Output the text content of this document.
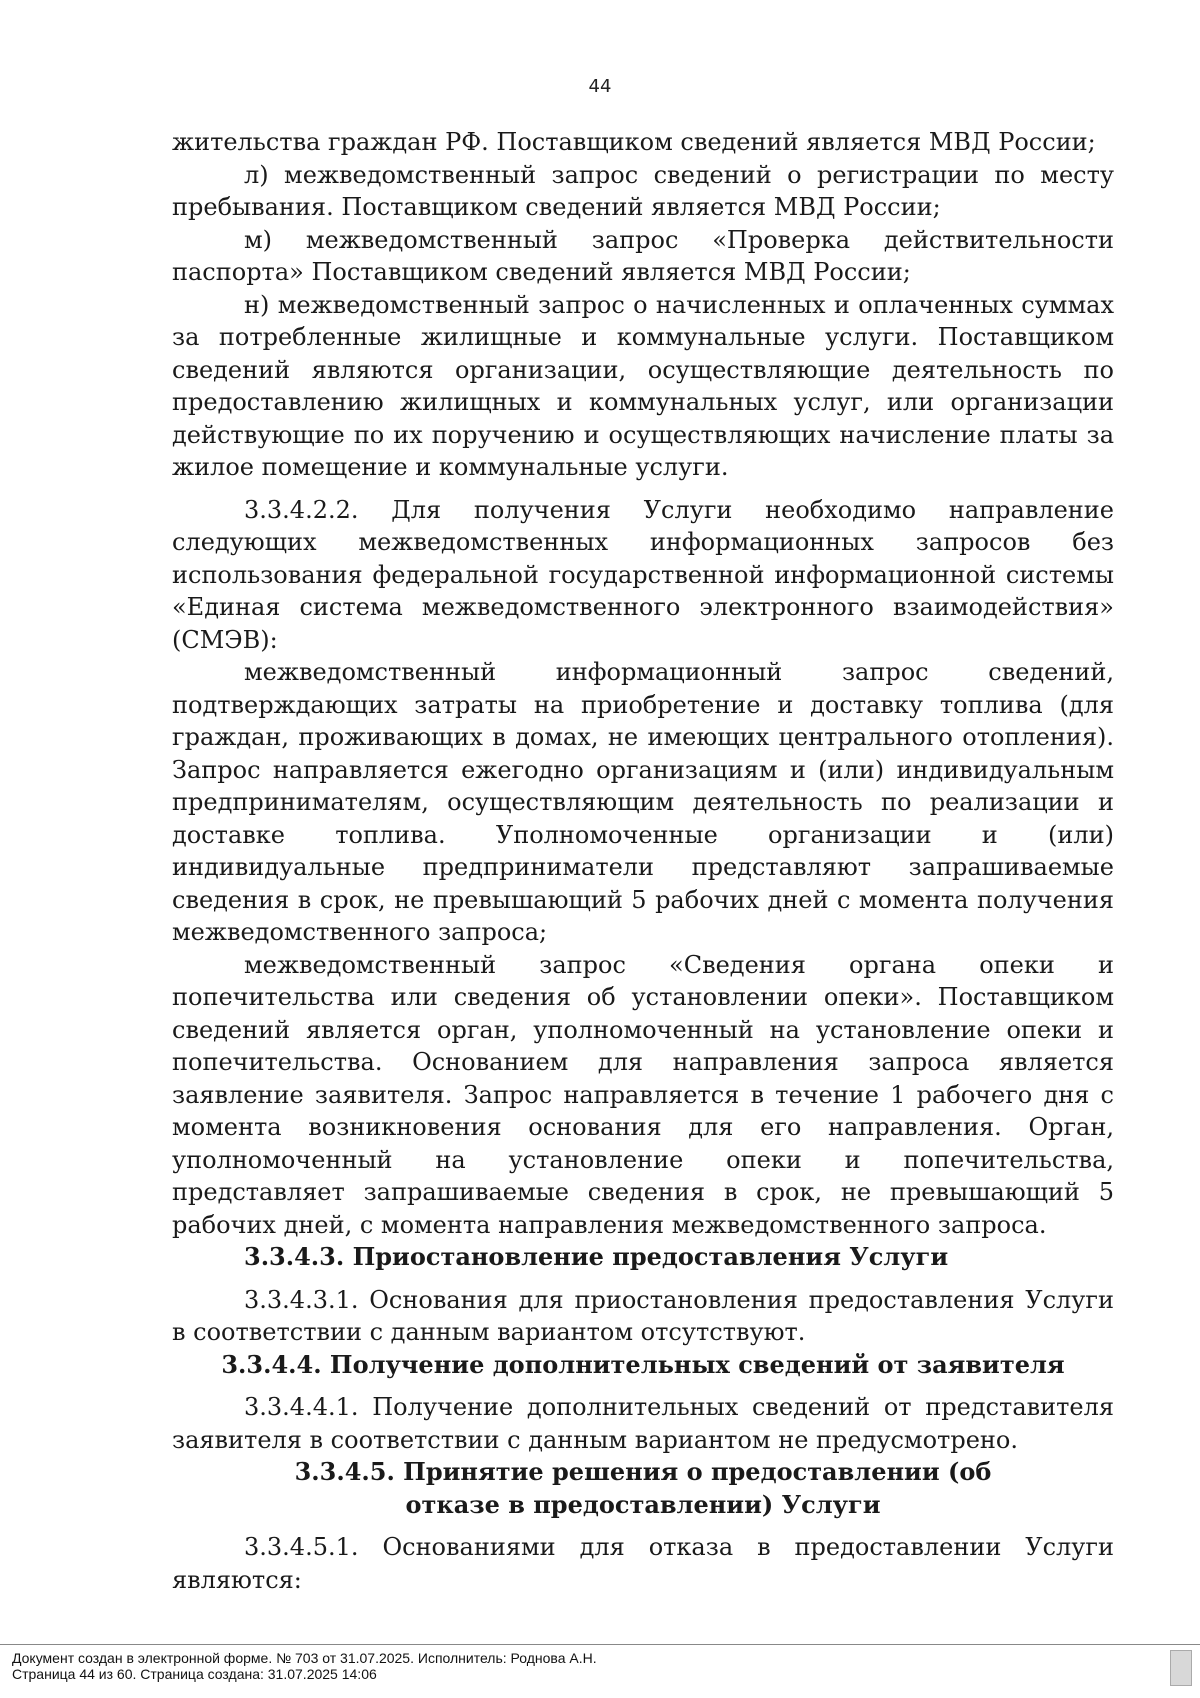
44

жительства граждан РФ. Поставщиком сведений является МВД России;

л) межведомственный запрос сведений о регистрации по месту пребывания. Поставщиком сведений является МВД России;

м) межведомственный запрос «Проверка действительности паспорта» Поставщиком сведений является МВД России;

н) межведомственный запрос о начисленных и оплаченных суммах за потребленные жилищные и коммунальные услуги. Поставщиком сведений являются организации, осуществляющие деятельность по предоставлению жилищных и коммунальных услуг, или организации действующие по их поручению и осуществляющих начисление платы за жилое помещение и коммунальные услуги.

3.3.4.2.2. Для получения Услуги необходимо направление следующих межведомственных информационных запросов без использования федеральной государственной информационной системы «Единая система межведомственного электронного взаимодействия» (СМЭВ):

межведомственный информационный запрос сведений, подтверждающих затраты на приобретение и доставку топлива (для граждан, проживающих в домах, не имеющих центрального отопления). Запрос направляется ежегодно организациям и (или) индивидуальным предпринимателям, осуществляющим деятельность по реализации и доставке топлива. Уполномоченные организации и (или) индивидуальные предприниматели представляют запрашиваемые сведения в срок, не превышающий 5 рабочих дней с момента получения межведомственного запроса;

межведомственный запрос «Сведения органа опеки и попечительства или сведения об установлении опеки». Поставщиком сведений является орган, уполномоченный на установление опеки и попечительства. Основанием для направления запроса является заявление заявителя. Запрос направляется в течение 1 рабочего дня с момента возникновения основания для его направления. Орган, уполномоченный на установление опеки и попечительства, представляет запрашиваемые сведения в срок, не превышающий 5 рабочих дней, с момента направления межведомственного запроса.

3.3.4.3. Приостановление предоставления Услуги

3.3.4.3.1. Основания для приостановления предоставления Услуги в соответствии с данным вариантом отсутствуют.

3.3.4.4. Получение дополнительных сведений от заявителя

3.3.4.4.1. Получение дополнительных сведений от представителя заявителя в соответствии с данным вариантом не предусмотрено.

3.3.4.5. Принятие решения о предоставлении (об отказе в предоставлении) Услуги

3.3.4.5.1. Основаниями для отказа в предоставлении Услуги являются:

Документ создан в электронной форме. № 703 от 31.07.2025. Исполнитель: Роднова А.Н.
Страница 44 из 60. Страница создана: 31.07.2025 14:06
